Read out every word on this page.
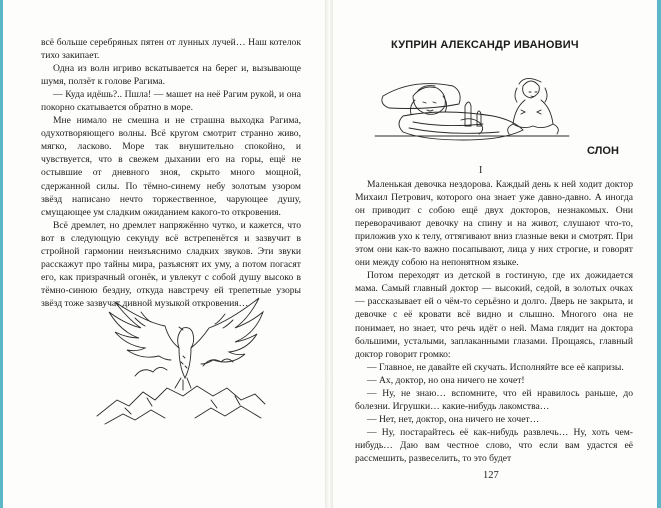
всё больше серебряных пятен от лунных лучей… Наш котелок тихо закипает.

Одна из волн игриво вскатывается на берег и, вызывающе шумя, ползёт к голове Рагима.

— Куда идёшь?.. Пшла! — машет на неё Рагим рукой, и она покорно скатывается обратно в море.

Мне нимало не смешна и не страшна выходка Рагима, одухотворяющего волны. Всё кругом смотрит странно живо, мягко, ласково. Море так внушительно спокойно, и чувствуется, что в свежем дыхании его на горы, ещё не остывшие от дневного зноя, скрыто много мощной, сдержанной силы. По тёмно-синему небу золотым узором звёзд написано нечто торжественное, чарующее душу, смущающее ум сладким ожиданием какого-то откровения.

Всё дремлет, но дремлет напряжённо чутко, и кажется, что вот в следующую секунду всё встрепенётся и зазвучит в стройной гармонии неизъяснимо сладких звуков. Эти звуки расскажут про тайны мира, разъяснят их уму, а потом погасят его, как призрачный огонёк, и увлекут с собой душу высоко в тёмно-синюю бездну, откуда навстречу ей трепетные узоры звёзд тоже зазвучат дивной музыкой откровения…

КУПРИН АЛЕКСАНДР ИВАНОВИЧ
СЛОН
I

Маленькая девочка нездорова. Каждый день к ней ходит доктор Михаил Петрович, которого она знает уже давно-давно. А иногда он приводит с собою ещё двух докторов, незнакомых. Они переворачивают девочку на спину и на живот, слушают что-то, приложив ухо к телу, оттягивают вниз глазные веки и смотрят. При этом они как-то важно посапывают, лица у них строгие, и говорят они между собою на непонятном языке.

Потом переходят из детской в гостиную, где их дожидается мама. Самый главный доктор — высокий, седой, в золотых очках — рассказывает ей о чём-то серьёзно и долго. Дверь не закрыта, и девочке с её кровати всё видно и слышно. Многого она не понимает, но знает, что речь идёт о ней. Мама глядит на доктора большими, усталыми, заплаканными глазами. Прощаясь, главный доктор говорит громко:

— Главное, не давайте ей скучать. Исполняйте все её капризы.

— Ах, доктор, но она ничего не хочет!

— Ну, не знаю… вспомните, что ей нравилось раньше, до болезни. Игрушки… какие-нибудь лакомства…

— Нет, нет, доктор, она ничего не хочет…

— Ну, постарайтесь её как-нибудь развлечь… Ну, хоть чем-нибудь… Даю вам честное слово, что если вам удастся её рассмешить, развеселить, то это будет

127
